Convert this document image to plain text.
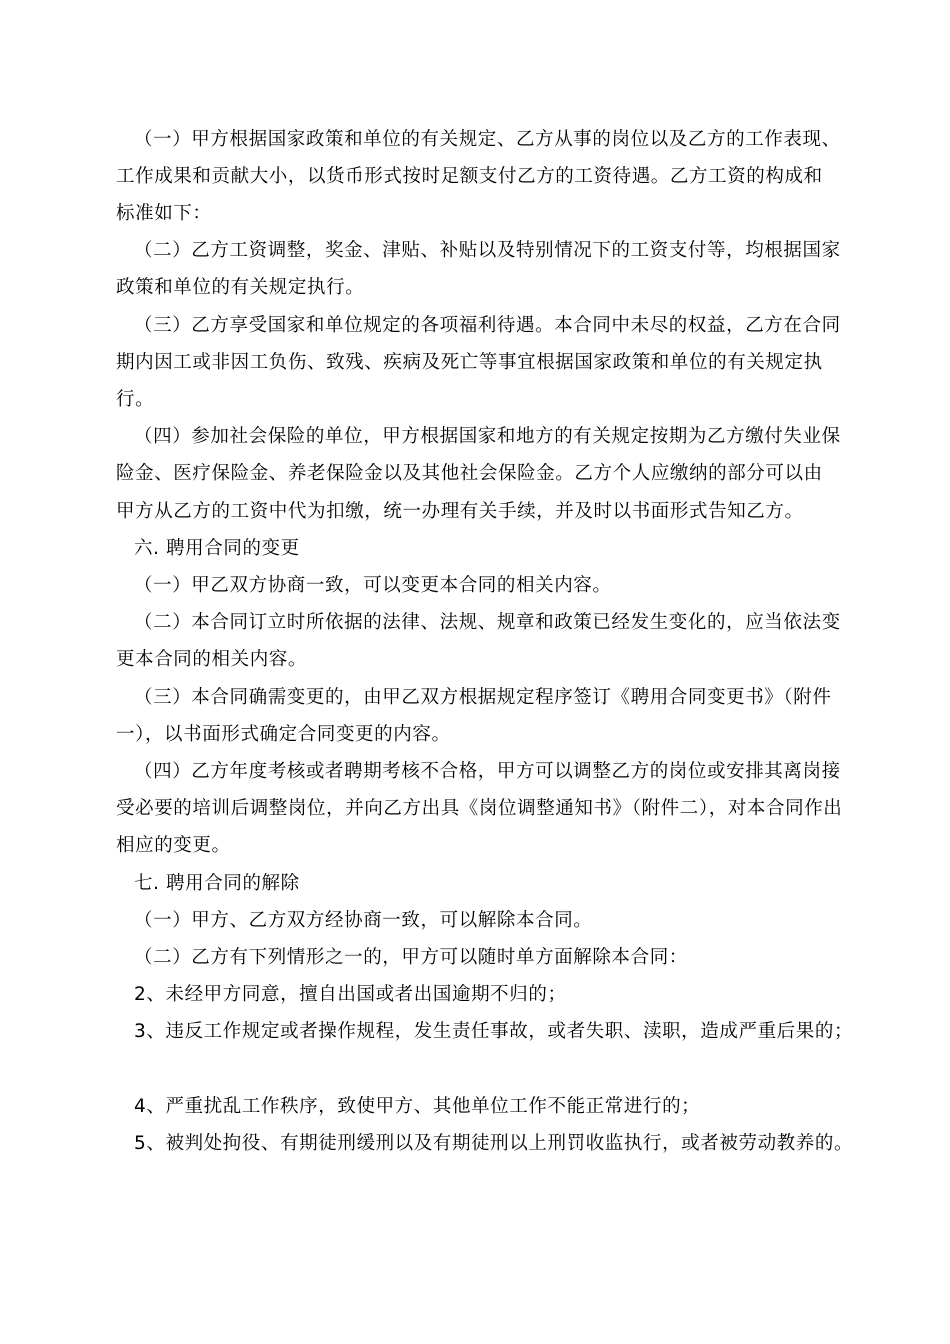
（一）甲方根据国家政策和单位的有关规定、乙方从事的岗位以及乙方的工作表现、
工作成果和贡献大小，以货币形式按时足额支付乙方的工资待遇。乙方工资的构成和
标准如下：
（二）乙方工资调整，奖金、津贴、补贴以及特别情况下的工资支付等，均根据国家
政策和单位的有关规定执行。
（三）乙方享受国家和单位规定的各项福利待遇。本合同中未尽的权益，乙方在合同
期内因工或非因工负伤、致残、疾病及死亡等事宜根据国家政策和单位的有关规定执
行。
（四）参加社会保险的单位，甲方根据国家和地方的有关规定按期为乙方缴付失业保
险金、医疗保险金、养老保险金以及其他社会保险金。乙方个人应缴纳的部分可以由
甲方从乙方的工资中代为扣缴，统一办理有关手续，并及时以书面形式告知乙方。
六. 聘用合同的变更
（一）甲乙双方协商一致，可以变更本合同的相关内容。
（二）本合同订立时所依据的法律、法规、规章和政策已经发生变化的，应当依法变
更本合同的相关内容。
（三）本合同确需变更的，由甲乙双方根据规定程序签订《聘用合同变更书》（附件
一），以书面形式确定合同变更的内容。
（四）乙方年度考核或者聘期考核不合格，甲方可以调整乙方的岗位或安排其离岗接
受必要的培训后调整岗位，并向乙方出具《岗位调整通知书》（附件二），对本合同作出
相应的变更。
七. 聘用合同的解除
（一）甲方、乙方双方经协商一致，可以解除本合同。
（二）乙方有下列情形之一的，甲方可以随时单方面解除本合同：
2、未经甲方同意，擅自出国或者出国逾期不归的；
3、违反工作规定或者操作规程，发生责任事故，或者失职、渎职，造成严重后果的；
4、严重扰乱工作秩序，致使甲方、其他单位工作不能正常进行的；
5、被判处拘役、有期徒刑缓刑以及有期徒刑以上刑罚收监执行，或者被劳动教养的。
